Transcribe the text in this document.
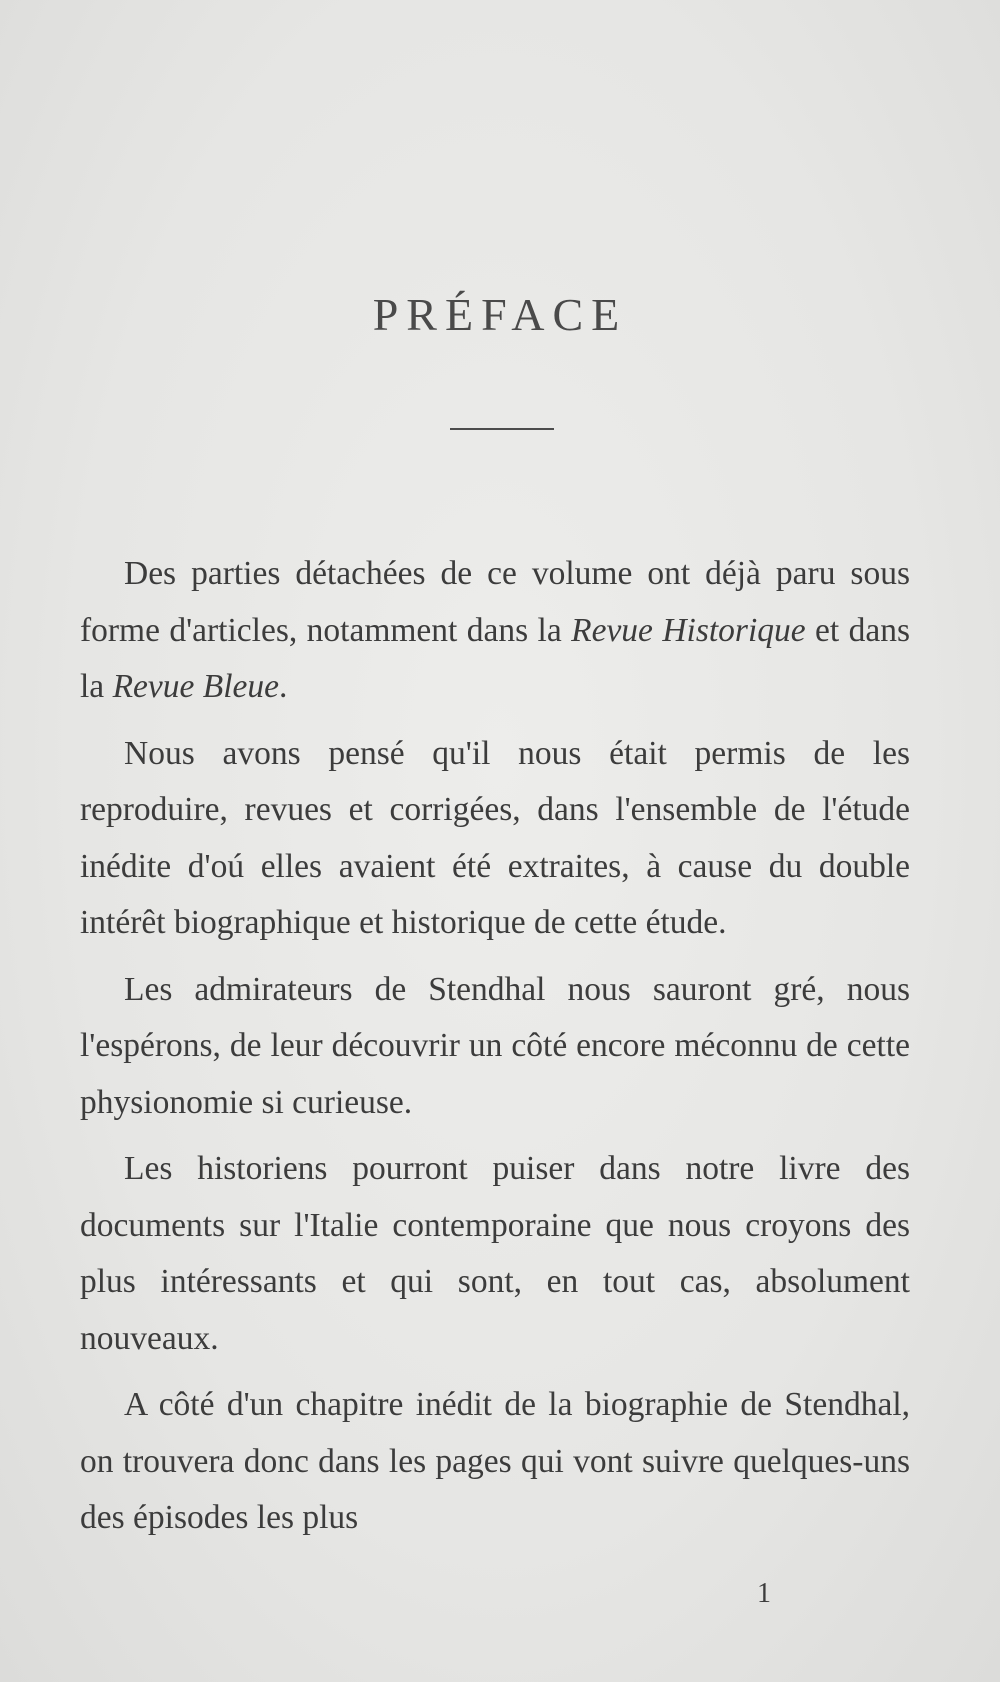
PRÉFACE

Des parties détachées de ce volume ont déjà paru sous forme d'articles, notamment dans la Revue Historique et dans la Revue Bleue.

Nous avons pensé qu'il nous était permis de les reproduire, revues et corrigées, dans l'ensemble de l'étude inédite d'oú elles avaient été extraites, à cause du double intérêt biographique et historique de cette étude.

Les admirateurs de Stendhal nous sauront gré, nous l'espérons, de leur découvrir un côté encore méconnu de cette physionomie si curieuse.

Les historiens pourront puiser dans notre livre des documents sur l'Italie contemporaine que nous croyons des plus intéressants et qui sont, en tout cas, absolument nouveaux.

A côté d'un chapitre inédit de la biographie de Stendhal, on trouvera donc dans les pages qui vont suivre quelques-uns des épisodes les plus

1
